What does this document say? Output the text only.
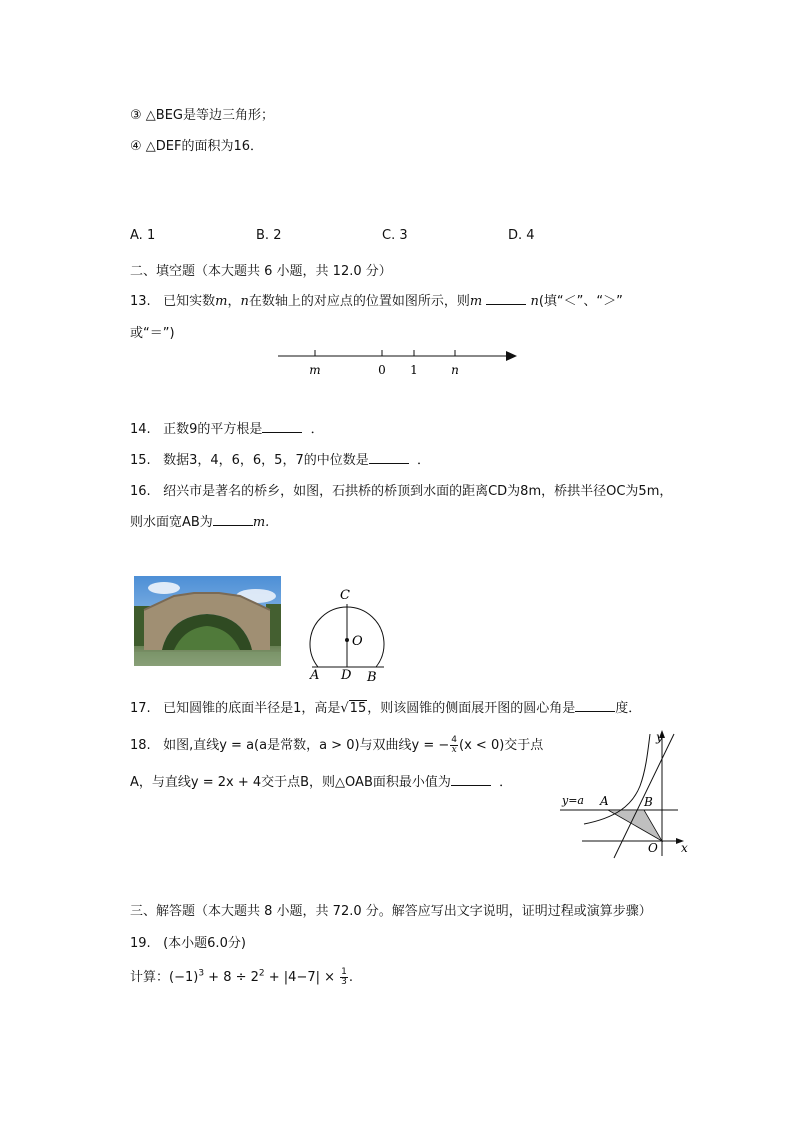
③ △BEG是等边三角形；
④ △DEF的面积为16．
A. 1	B. 2	C. 3	D. 4
二、填空题（本大题共 6 小题，共 12.0 分）
13. 已知实数m，n在数轴上的对应点的位置如图所示，则m	n(填“＜”、“＞”
或“＝”)
m	0 1	n
14. 正数9的平方根是	．
15. 数据3，4，6，6，5，7的中位数是	．
16. 绍兴市是著名的桥乡，如图，石拱桥的桥顶到水面的距离CD为8m，桥拱半径OC为5m，
则水面宽AB为	m.
C
O
A D B
17. 已知圆锥的底面半径是1，高是√15，则该圆锥的侧面展开图的圆心角是	度．
18. 如图,直线y = a(a是常数，a > 0)与双曲线y = − $\frac{4}{x} (x < 0)$交于点
A，与直线y = 2x + 4交于点B，则△OAB面积最小值为	．
y
x
y=a A	B
O
三、解答题（本大题共 8 小题，共 72.0 分。解答应写出文字说明，证明过程或演算步骤）
19. (本小题6.0分)
计算：$(-1)^3 + 8 \div 2^2 + |4-7| \times \frac{1}{3}$ .
